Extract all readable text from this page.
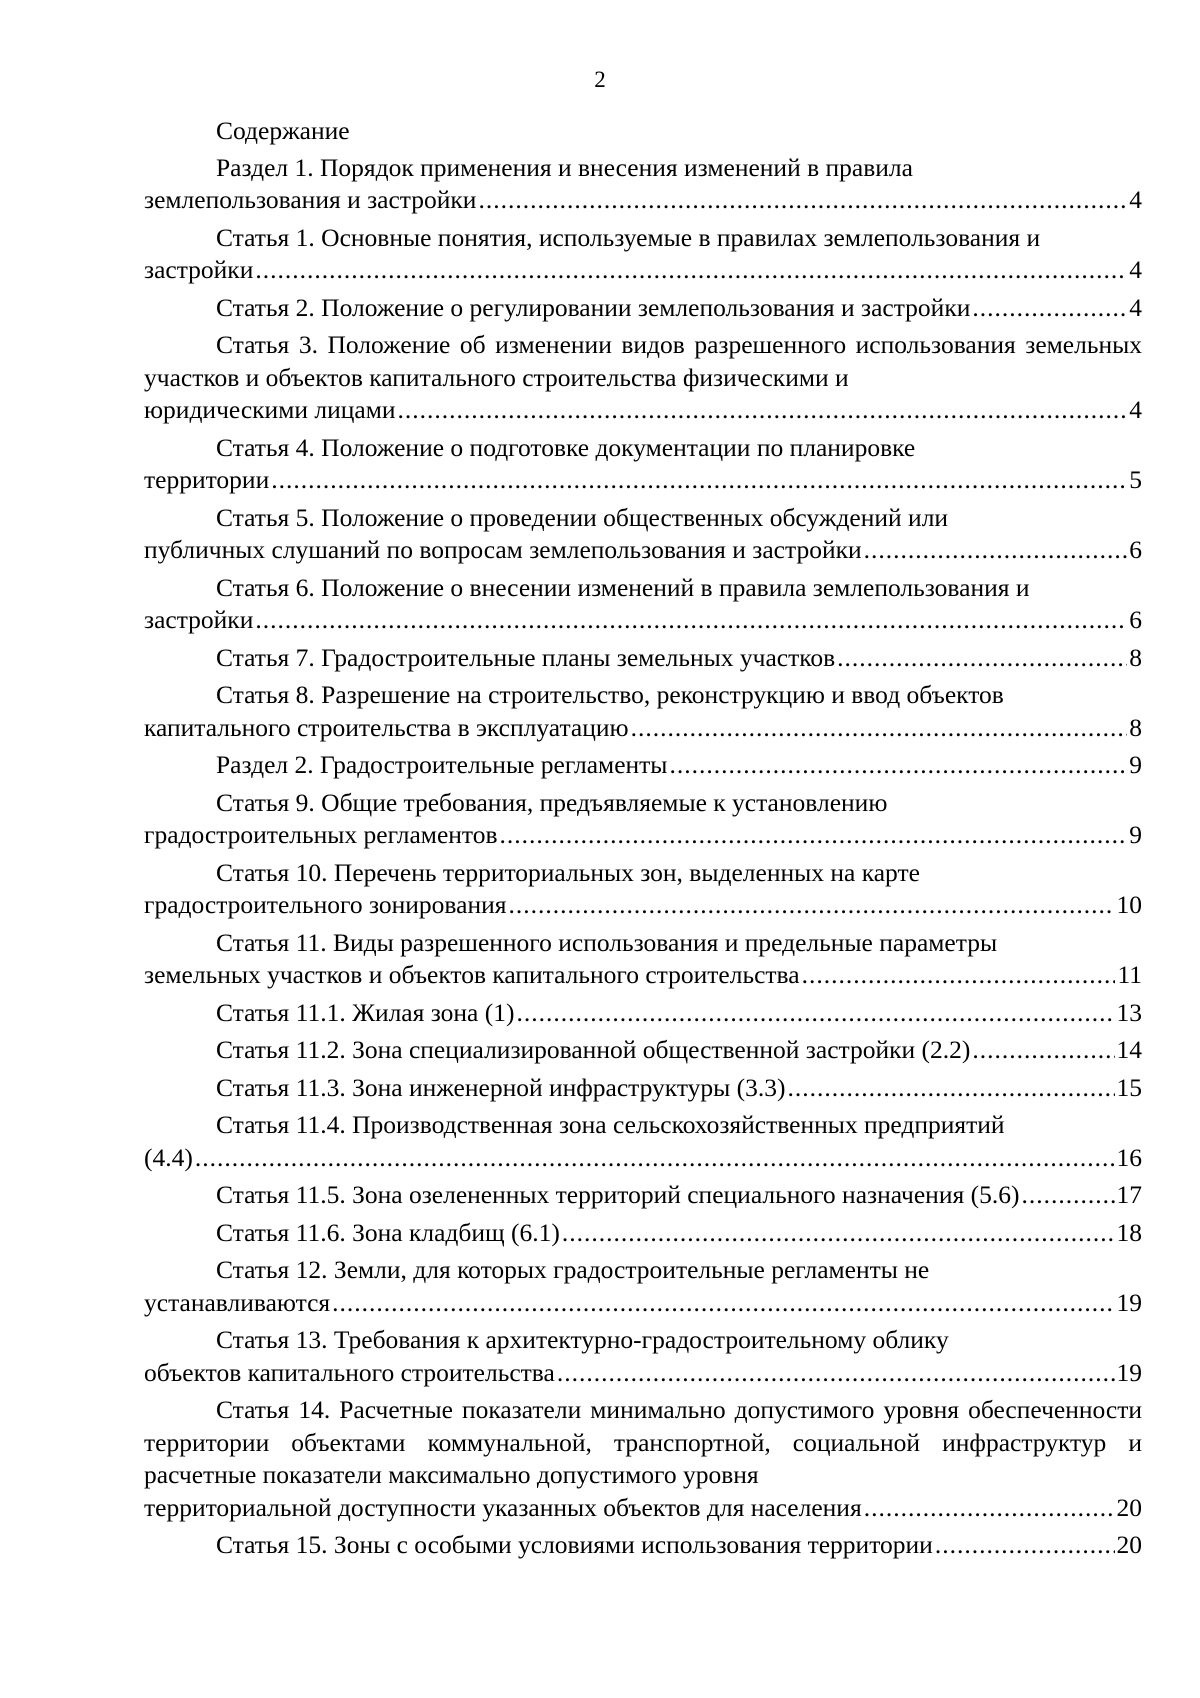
2
Содержание
Раздел 1. Порядок применения и внесения изменений в правила
землепользования и застройки .....	4
Статья 1. Основные понятия, используемые в правилах землепользования и
застройки .....	4
Статья 2. Положение о регулировании землепользования и застройки .....	4
Статья 3. Положение об изменении видов разрешенного использования земельных участков и объектов капитального строительства физическими и
юридическими лицами .....	4
Статья 4. Положение о подготовке документации по планировке
территории .....	5
Статья 5. Положение о проведении общественных обсуждений или
публичных слушаний по вопросам землепользования и застройки .....	6
Статья 6. Положение о внесении изменений в правила землепользования и
застройки .....	6
Статья 7. Градостроительные планы земельных участков .....	8
Статья 8. Разрешение на строительство, реконструкцию и ввод объектов
капитального строительства в эксплуатацию .....	8
Раздел 2. Градостроительные регламенты .....	9
Статья 9. Общие требования, предъявляемые к установлению
градостроительных регламентов .....	9
Статья 10. Перечень территориальных зон, выделенных на карте
градостроительного зонирования .....	10
Статья 11. Виды разрешенного использования и предельные параметры
земельных участков и объектов капитального строительства .....	11
Статья 11.1. Жилая зона (1) .....	13
Статья 11.2. Зона специализированной общественной застройки (2.2) .....	14
Статья 11.3. Зона инженерной инфраструктуры (3.3) .....	15
Статья 11.4. Производственная зона сельскохозяйственных предприятий
(4.4) .....	16
Статья 11.5. Зона озелененных территорий специального назначения (5.6) .....	17
Статья 11.6. Зона кладбищ (6.1) .....	18
Статья 12. Земли, для которых градостроительные регламенты не
устанавливаются .....	19
Статья 13. Требования к архитектурно-градостроительному облику
объектов капитального строительства .....	19
Статья 14. Расчетные показатели минимально допустимого уровня обеспеченности территории объектами коммунальной, транспортной, социальной инфраструктур и расчетные показатели максимально допустимого уровня
территориальной доступности указанных объектов для населения .....	20
Статья 15. Зоны с особыми условиями использования территории .....	20
